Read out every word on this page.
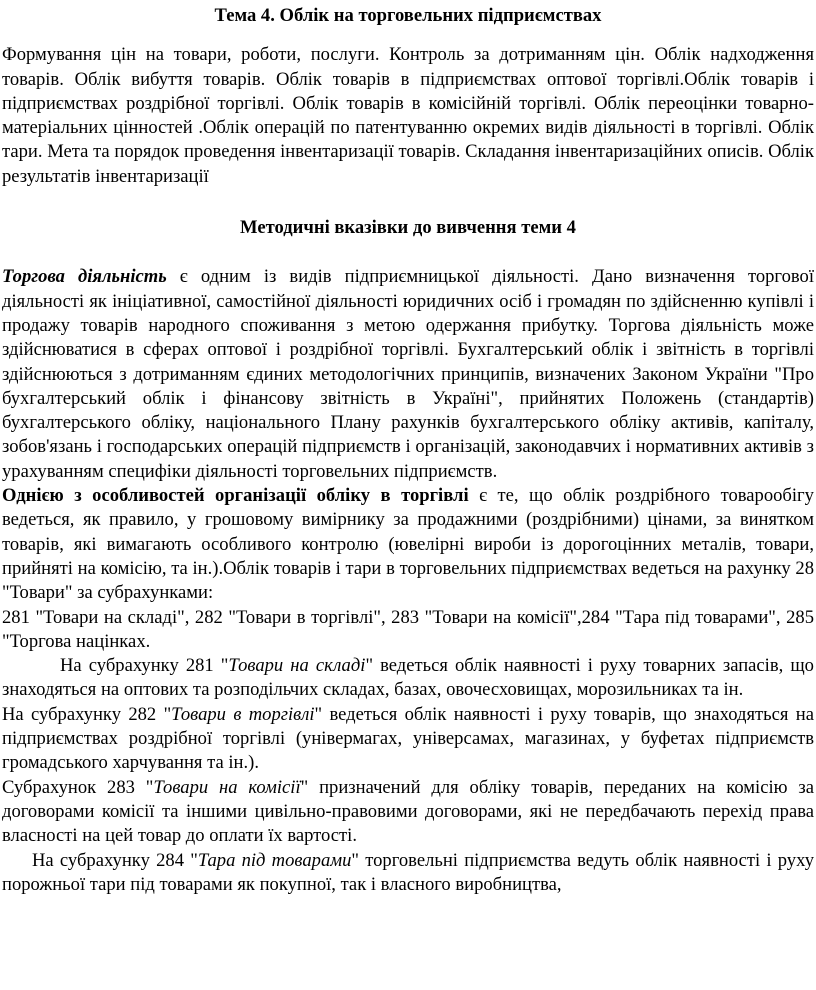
Тема 4. Облік на торговельних підприємствах

Формування цін на товари, роботи, послуги. Контроль за дотриманням цін. Облік надходження товарів. Облік вибуття товарів. Облік товарів в підприємствах оптової торгівлі.Облік товарів і підприємствах роздрібної торгівлі. Облік товарів в комісійній торгівлі. Облік переоцінки товарно-матеріальних цінностей .Облік операцій по патентуванню окремих видів діяльності в торгівлі. Облік тари. Мета та порядок проведення інвентаризації товарів. Складання інвентаризаційних описів. Облік результатів інвентаризації

Методичні вказівки до вивчення теми 4

Торгова діяльність є одним із видів підприємницької діяльності. Дано визначення торгової діяльності як ініціативної, самостійної діяльності юридичних осіб і громадян по здійсненню купівлі і продажу товарів народного споживання з метою одержання прибутку. Торгова діяльність може здійснюватися в сферах оптової і роздрібної торгівлі. Бухгалтерський облік і звітність в торгівлі здійснюються з дотриманням єдиних методологічних принципів, визначених Законом України "Про бухгалтерський облік і фінансову звітність в Україні", прийнятих Положень (стандартів) бухгалтерського обліку, національного Плану рахунків бухгалтерського обліку активів, капіталу, зобов'язань і господарських операцій підприємств і організацій, законодавчих і нормативних активів з урахуванням специфіки діяльності торговельних підприємств.

Однією з особливостей організації обліку в торгівлі є те, що облік роздрібного товарообігу ведеться, як правило, у грошовому вимірнику за продажними (роздрібними) цінами, за винятком товарів, які вимагають особливого контролю (ювелірні вироби із дорогоцінних металів, товари, прийняті на комісію, та ін.).Облік товарів і тари в торговельних підприємствах ведеться на рахунку 28 "Товари" за субрахунками:

281 "Товари на складі", 282 "Товари в торгівлі", 283 "Товари на комісії",284 "Тара під товарами", 285 "Торгова націнках.

На субрахунку 281 "Товари на складі" ведеться облік наявності і руху товарних запасів, що знаходяться на оптових та розподільчих складах, базах, овочесховищах, морозильниках та ін.

На субрахунку 282 "Товари в торгівлі" ведеться облік наявності і руху товарів, що знаходяться на підприємствах роздрібної торгівлі (універмагах, універсамах, магазинах, у буфетах підприємств громадського харчування та ін.).

Субрахунок 283 "Товари на комісії" призначений для обліку товарів, переданих на комісію за договорами комісії та іншими цивільно-правовими договорами, які не передбачають перехід права власності на цей товар до оплати їх вартості.

На субрахунку 284 "Тара під товарами" торговельні підприємства ведуть облік наявності і руху порожньої тари під товарами як покупної, так і власного виробництва,
